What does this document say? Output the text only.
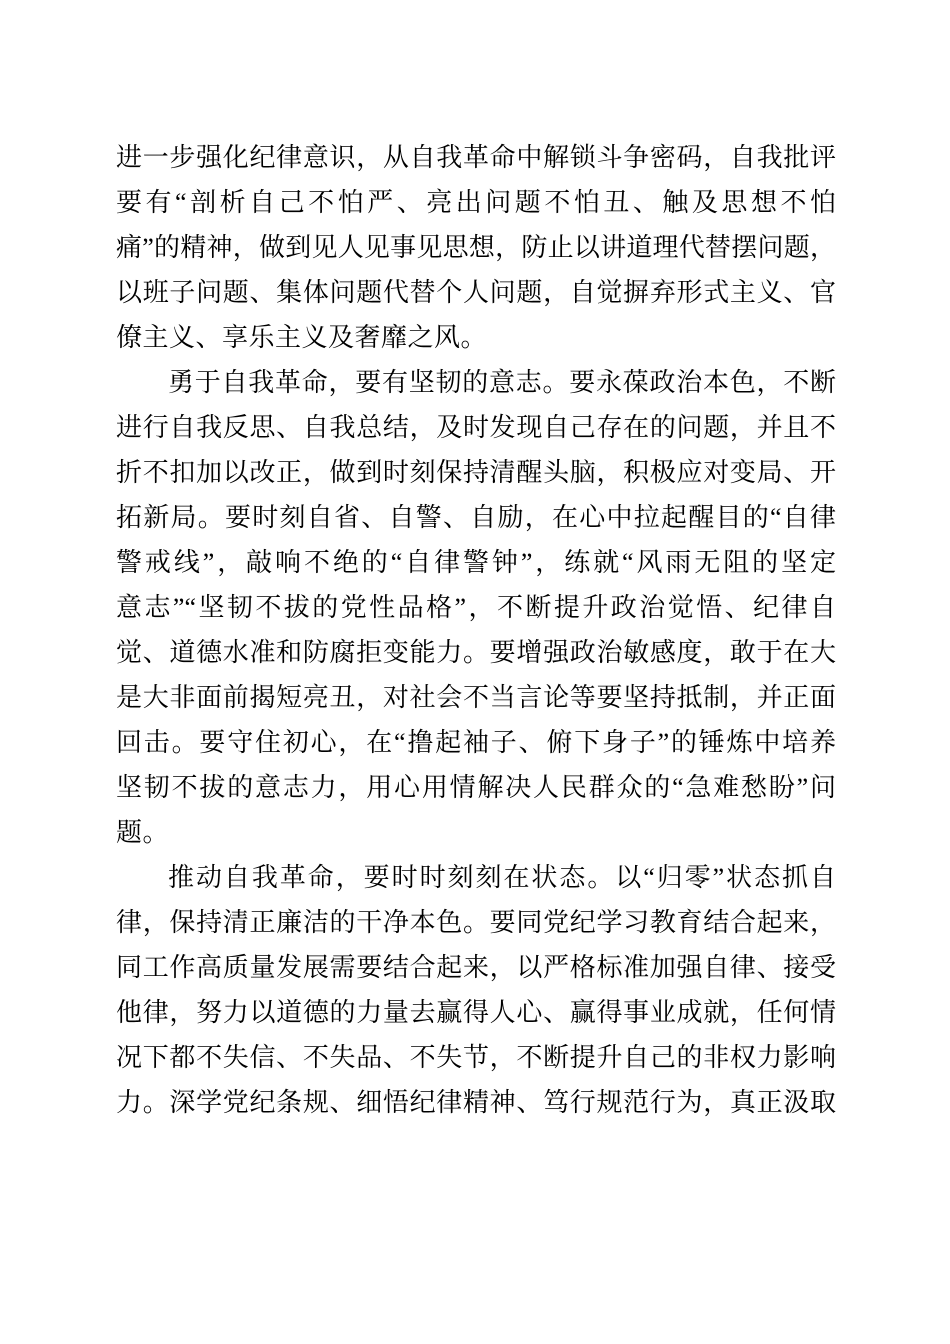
进一步强化纪律意识，从自我革命中解锁斗争密码，自我批评
要有“剖析自己不怕严、亮出问题不怕丑、触及思想不怕
痛”的精神，做到见人见事见思想，防止以讲道理代替摆问题，
以班子问题、集体问题代替个人问题，自觉摒弃形式主义、官
僚主义、享乐主义及奢靡之风。
勇于自我革命，要有坚韧的意志。要永葆政治本色，不断
进行自我反思、自我总结，及时发现自己存在的问题，并且不
折不扣加以改正，做到时刻保持清醒头脑，积极应对变局、开
拓新局。要时刻自省、自警、自励，在心中拉起醒目的“自律
警戒线”，敲响不绝的“自律警钟”，练就“风雨无阻的坚定
意志”“坚韧不拔的党性品格”，不断提升政治觉悟、纪律自
觉、道德水准和防腐拒变能力。要增强政治敏感度，敢于在大
是大非面前揭短亮丑，对社会不当言论等要坚持抵制，并正面
回击。要守住初心，在“撸起袖子、俯下身子”的锤炼中培养
坚韧不拔的意志力，用心用情解决人民群众的“急难愁盼”问
题。
推动自我革命，要时时刻刻在状态。以“归零”状态抓自
律，保持清正廉洁的干净本色。要同党纪学习教育结合起来，
同工作高质量发展需要结合起来，以严格标准加强自律、接受
他律，努力以道德的力量去赢得人心、赢得事业成就，任何情
况下都不失信、不失品、不失节，不断提升自己的非权力影响
力。深学党纪条规、细悟纪律精神、笃行规范行为，真正汲取
